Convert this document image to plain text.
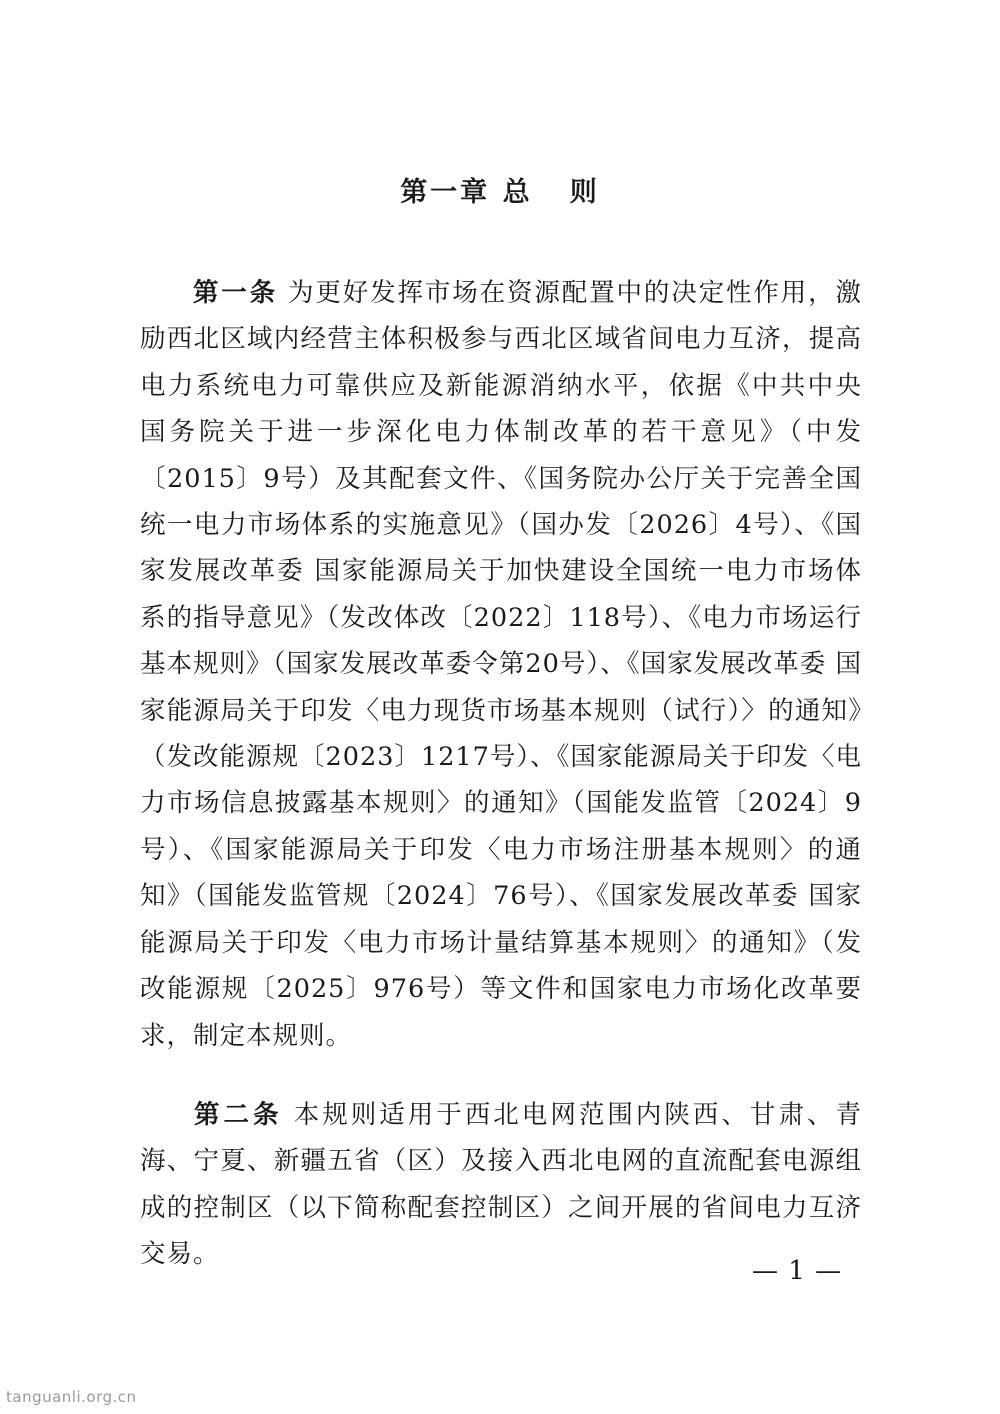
第一章 总   则
第一条 为更好发挥市场在资源配置中的决定性作用，激励西北区域内经营主体积极参与西北区域省间电力互济，提高电力系统电力可靠供应及新能源消纳水平，依据《中共中央 国务院关于进一步深化电力体制改革的若干意见》（中发〔2015〕9号）及其配套文件、《国务院办公厅关于完善全国统一电力市场体系的实施意见》（国办发〔2026〕4号）、《国家发展改革委 国家能源局关于加快建设全国统一电力市场体系的指导意见》（发改体改〔2022〕118号）、《电力市场运行基本规则》（国家发展改革委令第20号）、《国家发展改革委 国家能源局关于印发〈电力现货市场基本规则（试行）〉的通知》（发改能源规〔2023〕1217号）、《国家能源局关于印发〈电力市场信息披露基本规则〉的通知》（国能发监管〔2024〕9号）、《国家能源局关于印发〈电力市场注册基本规则〉的通知》（国能发监管规〔2024〕76号）、《国家发展改革委 国家能源局关于印发〈电力市场计量结算基本规则〉的通知》（发改能源规〔2025〕976号）等文件和国家电力市场化改革要求，制定本规则。
第二条 本规则适用于西北电网范围内陕西、甘肃、青海、宁夏、新疆五省（区）及接入西北电网的直流配套电源组成的控制区（以下简称配套控制区）之间开展的省间电力互济交易。
— 1 —
tanguanli.org.cn
